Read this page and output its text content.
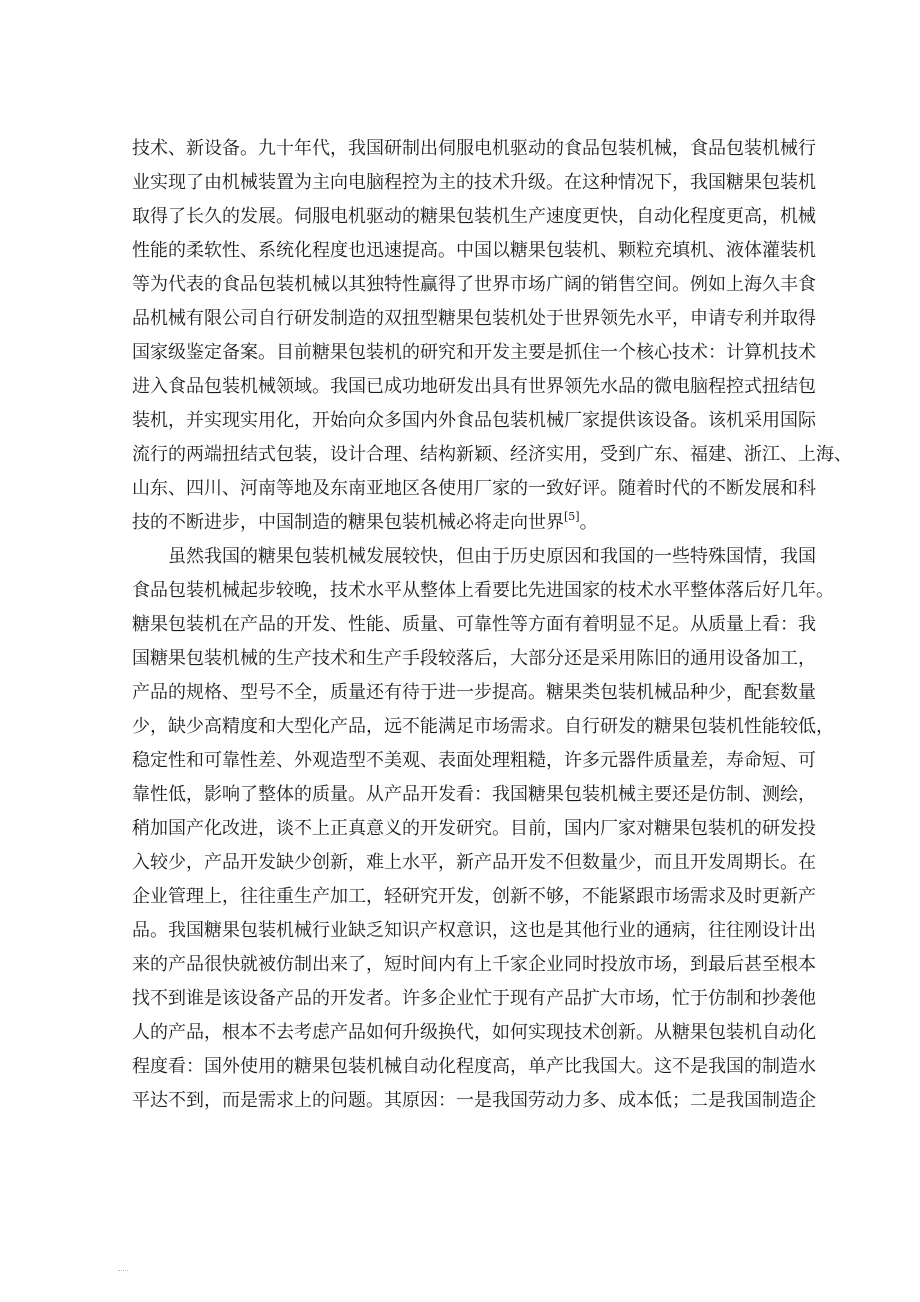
技术、新设备。九十年代，我国研制出伺服电机驱动的食品包装机械，食品包装机械行
业实现了由机械装置为主向电脑程控为主的技术升级。在这种情况下，我国糖果包装机
取得了长久的发展。伺服电机驱动的糖果包装机生产速度更快，自动化程度更高，机械
性能的柔软性、系统化程度也迅速提高。中国以糖果包装机、颗粒充填机、液体灌装机
等为代表的食品包装机械以其独特性赢得了世界市场广阔的销售空间。例如上海久丰食
品机械有限公司自行研发制造的双扭型糖果包装机处于世界领先水平，申请专利并取得
国家级鉴定备案。目前糖果包装机的研究和开发主要是抓住一个核心技术：计算机技术
进入食品包装机械领域。我国已成功地研发出具有世界领先水品的微电脑程控式扭结包
装机，并实现实用化，开始向众多国内外食品包装机械厂家提供该设备。该机采用国际
流行的两端扭结式包装，设计合理、结构新颖、经济实用，受到广东、福建、浙江、上海、
山东、四川、河南等地及东南亚地区各使用厂家的一致好评。随着时代的不断发展和科
技的不断进步，中国制造的糖果包装机械必将走向世界[5]。
虽然我国的糖果包装机械发展较快，但由于历史原因和我国的一些特殊国情，我国
食品包装机械起步较晚，技术水平从整体上看要比先进国家的枝术水平整体落后好几年。
糖果包装机在产品的开发、性能、质量、可靠性等方面有着明显不足。从质量上看：我
国糖果包装机械的生产技术和生产手段较落后，大部分还是采用陈旧的通用设备加工，
产品的规格、型号不全，质量还有待于进一步提高。糖果类包装机械品种少，配套数量
少，缺少高精度和大型化产品，远不能满足市场需求。自行研发的糖果包装机性能较低，
稳定性和可靠性差、外观造型不美观、表面处理粗糙，许多元器件质量差，寿命短、可
靠性低，影响了整体的质量。从产品开发看：我国糖果包装机械主要还是仿制、测绘，
稍加国产化改进，谈不上正真意义的开发研究。目前，国内厂家对糖果包装机的研发投
入较少，产品开发缺少创新，难上水平，新产品开发不但数量少，而且开发周期长。在
企业管理上，往往重生产加工，轻研究开发，创新不够，不能紧跟市场需求及时更新产
品。我国糖果包装机械行业缺乏知识产权意识，这也是其他行业的通病，往往刚设计出
来的产品很快就被仿制出来了，短时间内有上千家企业同时投放市场，到最后甚至根本
找不到谁是该设备产品的开发者。许多企业忙于现有产品扩大市场，忙于仿制和抄袭他
人的产品，根本不去考虑产品如何升级换代，如何实现技术创新。从糖果包装机自动化
程度看：国外使用的糖果包装机械自动化程度高，单产比我国大。这不是我国的制造水
平达不到，而是需求上的问题。其原因：一是我国劳动力多、成本低；二是我国制造企
